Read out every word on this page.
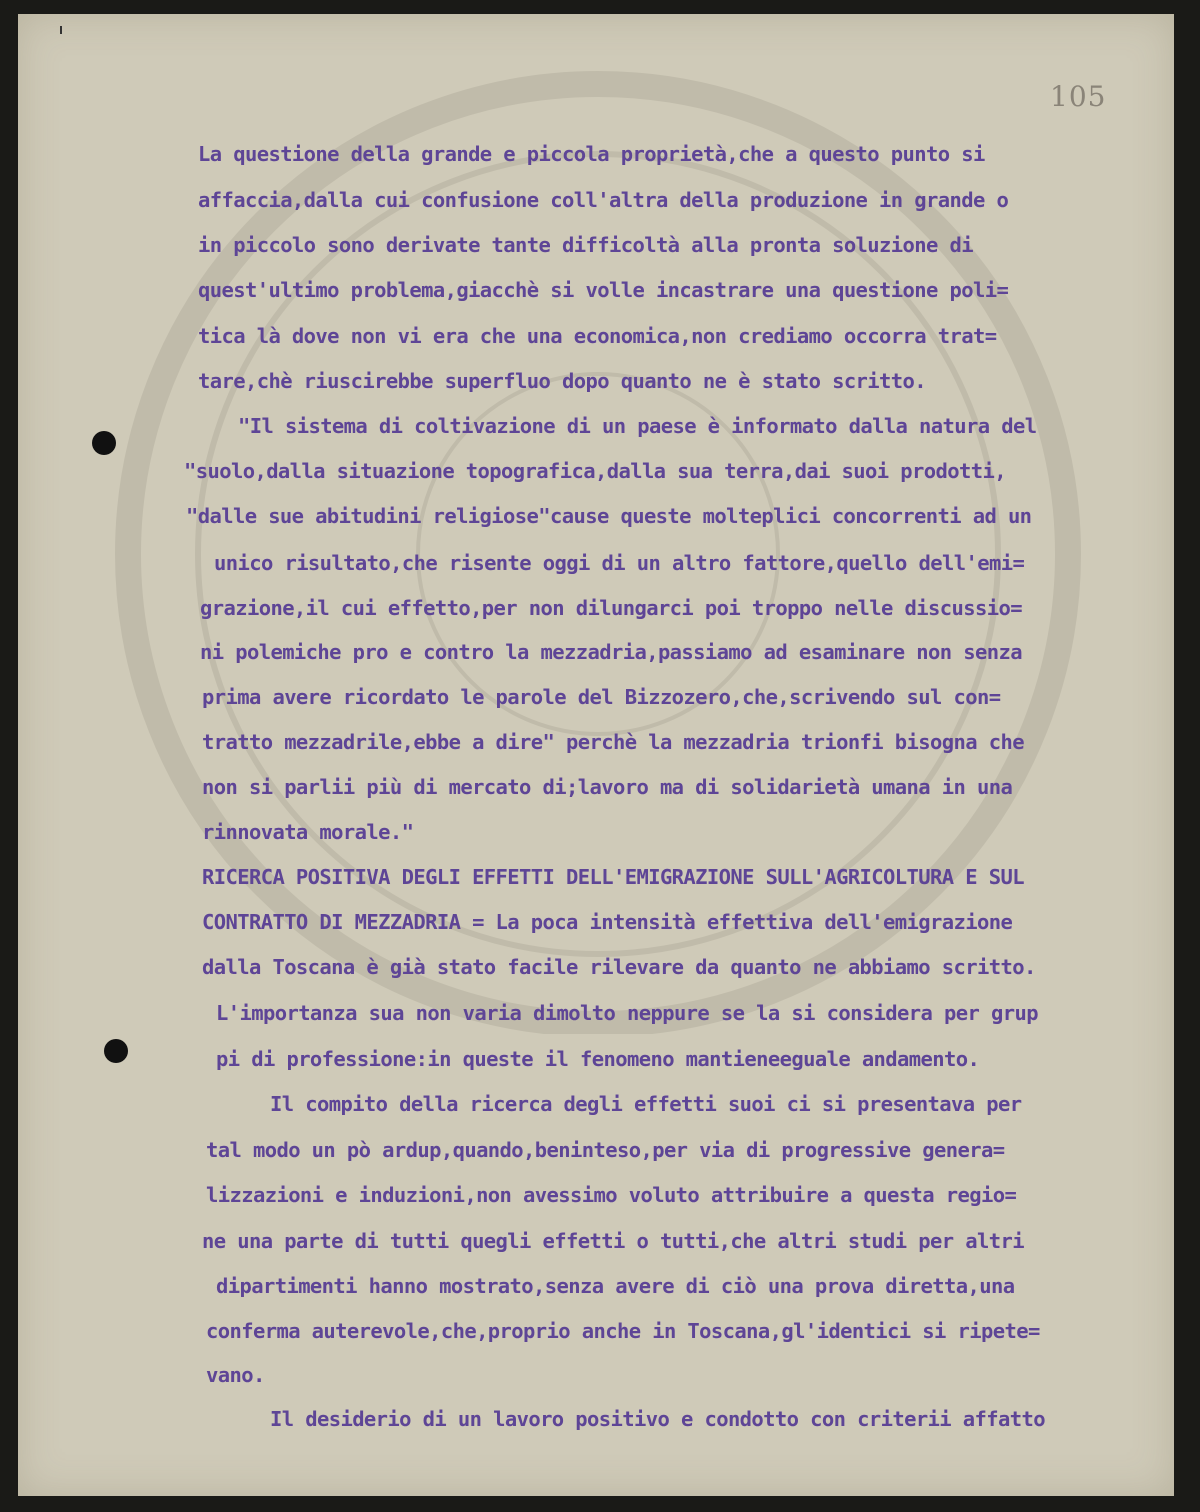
105
La questione della grande e piccola proprietà,che a questo punto si
affaccia,dalla cui confusione coll'altra della produzione in grande o
in piccolo sono derivate tante difficoltà alla pronta soluzione di
quest'ultimo problema,giacchè si volle incastrare una questione poli=
tica là dove non vi era che una economica,non crediamo occorra trat=
tare,chè riuscirebbe superfluo dopo quanto ne è stato scritto.
"Il sistema di coltivazione di un paese è informato dalla natura del
"suolo,dalla situazione topografica,dalla sua terra,dai suoi prodotti,
"dalle sue abitudini religiose"cause queste molteplici concorrenti ad un
unico risultato,che risente oggi di un altro fattore,quello dell'emi=
grazione,il cui effetto,per non dilungarci poi troppo nelle discussio=
ni polemiche pro e contro la mezzadria,passiamo ad esaminare non senza
prima avere ricordato le parole del Bizzozero,che,scrivendo sul con=
tratto mezzadrile,ebbe a dire" perchè la mezzadria trionfi bisogna che
non si parlii più di mercato di;lavoro ma di solidarietà umana in una
rinnovata morale."
RICERCA POSITIVA DEGLI EFFETTI DELL'EMIGRAZIONE SULL'AGRICOLTURA E SUL
CONTRATTO DI MEZZADRIA = La poca intensità effettiva dell'emigrazione
dalla Toscana è già stato facile rilevare da quanto ne abbiamo scritto.
L'importanza sua non varia dimolto neppure se la si considera per grup
pi di professione:in queste il fenomeno mantieneeguale andamento.
Il compito della ricerca degli effetti suoi ci si presentava per
tal modo un pò ardup,quando,beninteso,per via di progressive genera=
lizzazioni e induzioni,non avessimo voluto attribuire a questa regio=
ne una parte di tutti quegli effetti o tutti,che altri studi per altri
dipartimenti hanno mostrato,senza avere di ciò una prova diretta,una
conferma auterevole,che,proprio anche in Toscana,gl'identici si ripete=
vano.
Il desiderio di un lavoro positivo e condotto con criterii affatto
